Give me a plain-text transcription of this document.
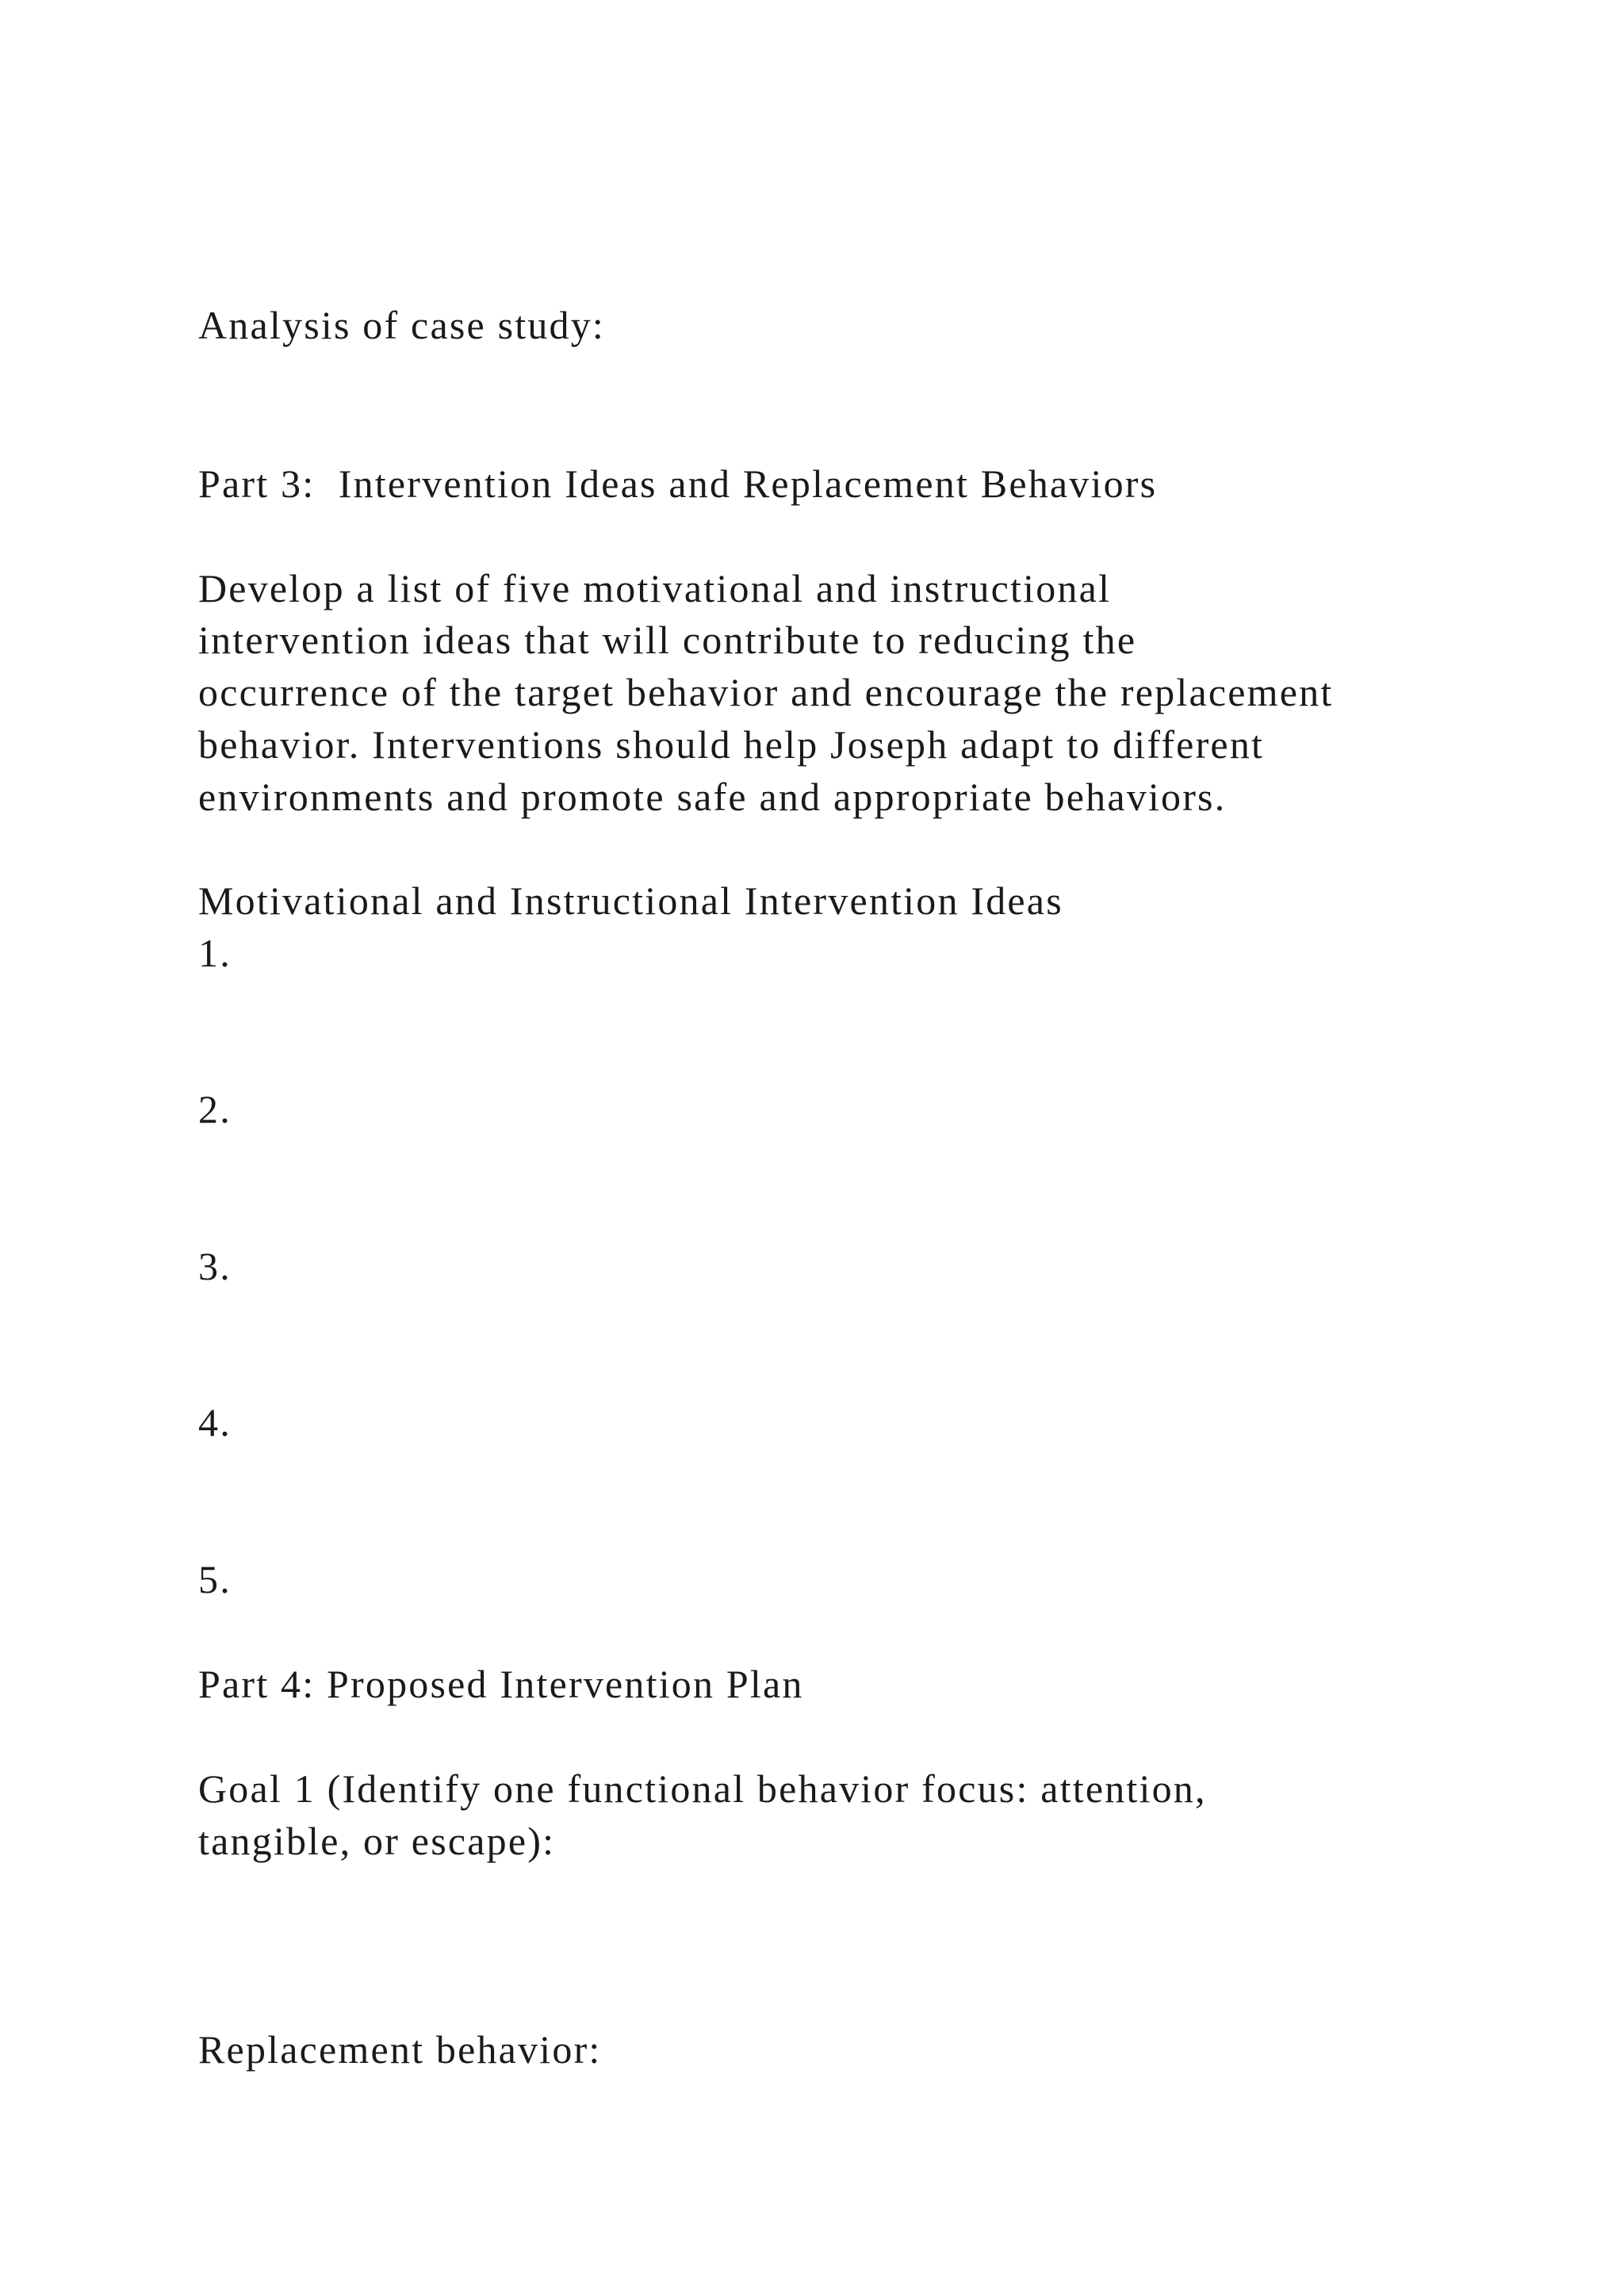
Analysis of case study:

Part 3:  Intervention Ideas and Replacement Behaviors

Develop a list of five motivational and instructional

intervention ideas that will contribute to reducing the

occurrence of the target behavior and encourage the replacement

behavior. Interventions should help Joseph adapt to different

environments and promote safe and appropriate behaviors.

Motivational and Instructional Intervention Ideas

1.

2.

3.

4.

5.

Part 4: Proposed Intervention Plan

Goal 1 (Identify one functional behavior focus: attention,

tangible, or escape):

Replacement behavior:
